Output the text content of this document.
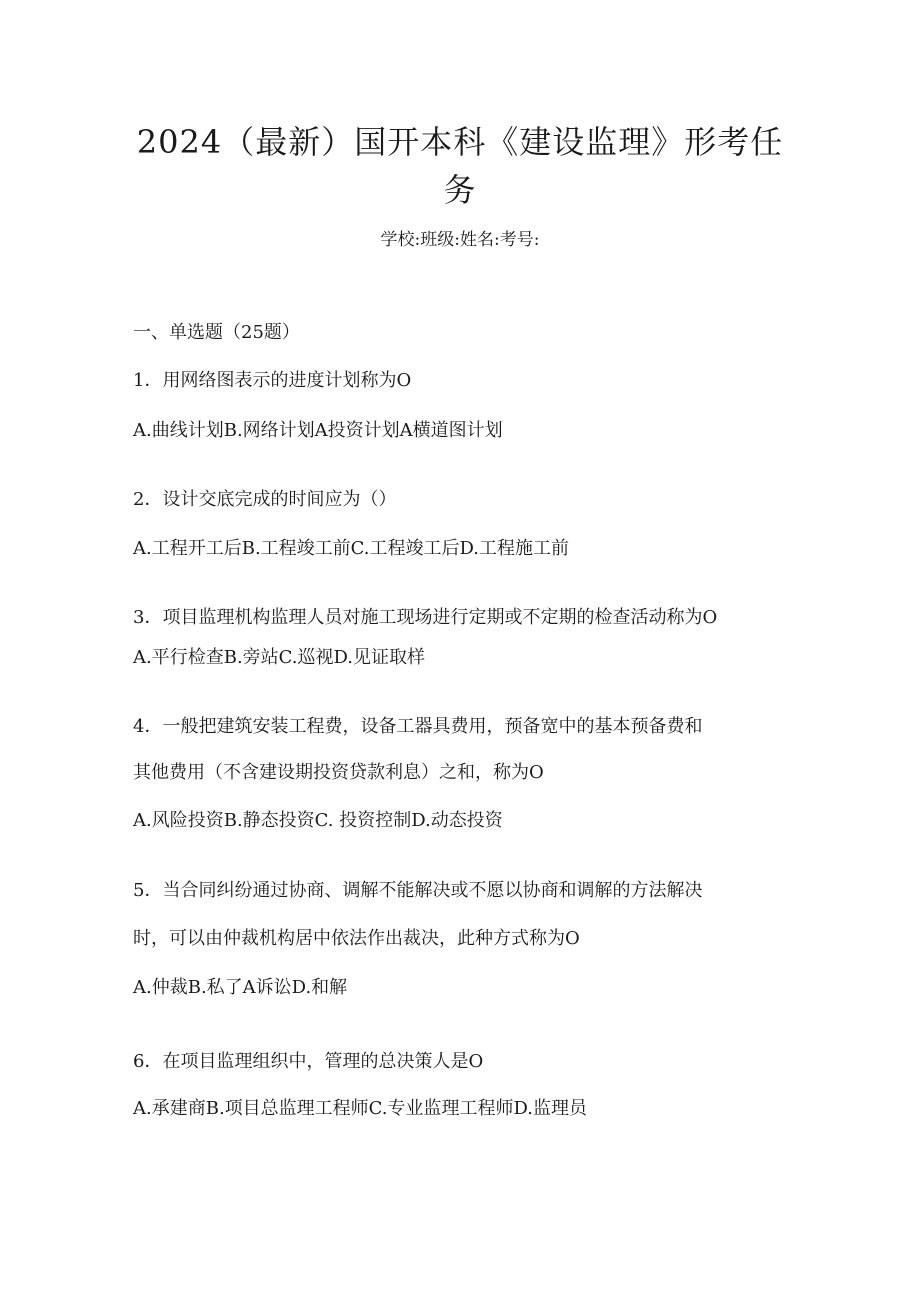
2024（最新）国开本科《建设监理》形考任
务

学校:班级:姓名:考号:

一、单选题（25题）

1．用网络图表示的进度计划称为O

A.曲线计划B.网络计划A投资计划A横道图计划

2．设计交底完成的时间应为（）

A.工程开工后B.工程竣工前C.工程竣工后D.工程施工前

3．项目监理机构监理人员对施工现场进行定期或不定期的检查活动称为O

A.平行检查B.旁站C.巡视D.见证取样

4．一般把建筑安装工程费，设备工器具费用，预备宽中的基本预备费和

其他费用（不含建设期投资贷款利息）之和，称为O

A.风险投资B.静态投资C. 投资控制D.动态投资

5．当合同纠纷通过协商、调解不能解决或不愿以协商和调解的方法解决

时，可以由仲裁机构居中依法作出裁决，此种方式称为O

A.仲裁B.私了A诉讼D.和解

6．在项目监理组织中，管理的总决策人是O

A.承建商B.项目总监理工程师C.专业监理工程师D.监理员
